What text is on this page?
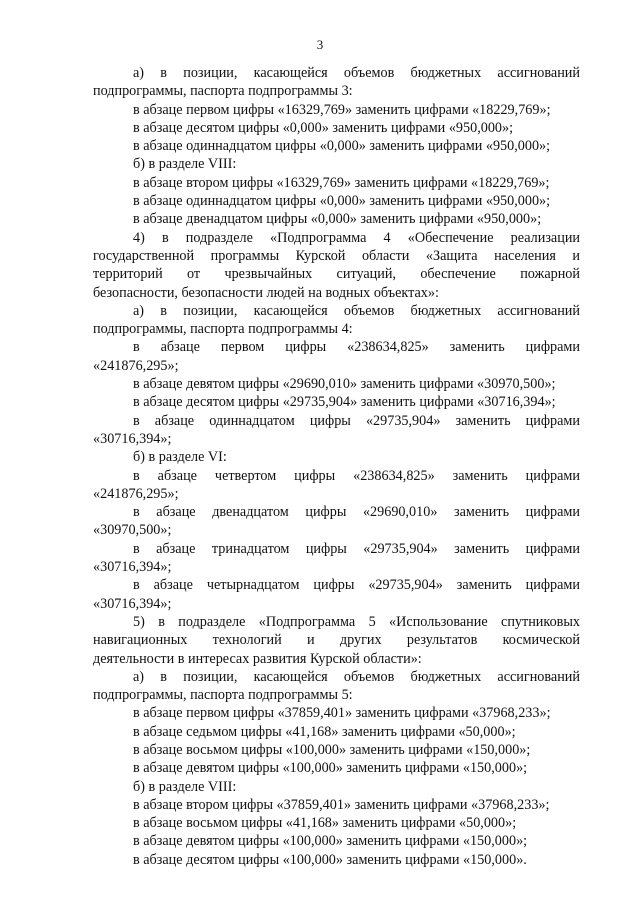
3
а) в позиции, касающейся объемов бюджетных ассигнований
подпрограммы, паспорта подпрограммы 3:
в абзаце первом цифры «16329,769» заменить цифрами «18229,769»;
в абзаце десятом цифры «0,000» заменить цифрами «950,000»;
в абзаце одиннадцатом цифры «0,000» заменить цифрами «950,000»;
б) в разделе VIII:
в абзаце втором цифры «16329,769» заменить цифрами «18229,769»;
в абзаце одиннадцатом цифры «0,000» заменить цифрами «950,000»;
в абзаце двенадцатом цифры «0,000» заменить цифрами «950,000»;
4) в подразделе «Подпрограмма 4 «Обеспечение реализации
государственной программы Курской области «Защита населения и
территорий от чрезвычайных ситуаций, обеспечение пожарной
безопасности, безопасности людей на водных объектах»:
а) в позиции, касающейся объемов бюджетных ассигнований
подпрограммы, паспорта подпрограммы 4:
в абзаце первом цифры «238634,825» заменить цифрами
«241876,295»;
в абзаце девятом цифры «29690,010» заменить цифрами «30970,500»;
в абзаце десятом цифры «29735,904» заменить цифрами «30716,394»;
в абзаце одиннадцатом цифры «29735,904» заменить цифрами
«30716,394»;
б) в разделе VI:
в абзаце четвертом цифры «238634,825» заменить цифрами
«241876,295»;
в абзаце двенадцатом цифры «29690,010» заменить цифрами
«30970,500»;
в абзаце тринадцатом цифры «29735,904» заменить цифрами
«30716,394»;
в абзаце четырнадцатом цифры «29735,904» заменить цифрами
«30716,394»;
5) в подразделе «Подпрограмма 5 «Использование спутниковых
навигационных технологий и других результатов космической
деятельности в интересах развития Курской области»:
а) в позиции, касающейся объемов бюджетных ассигнований
подпрограммы, паспорта подпрограммы 5:
в абзаце первом цифры «37859,401» заменить цифрами «37968,233»;
в абзаце седьмом цифры «41,168» заменить цифрами «50,000»;
в абзаце восьмом цифры «100,000» заменить цифрами «150,000»;
в абзаце девятом цифры «100,000» заменить цифрами «150,000»;
б) в разделе VIII:
в абзаце втором цифры «37859,401» заменить цифрами «37968,233»;
в абзаце восьмом цифры «41,168» заменить цифрами «50,000»;
в абзаце девятом цифры «100,000» заменить цифрами «150,000»;
в абзаце десятом цифры «100,000» заменить цифрами «150,000».
